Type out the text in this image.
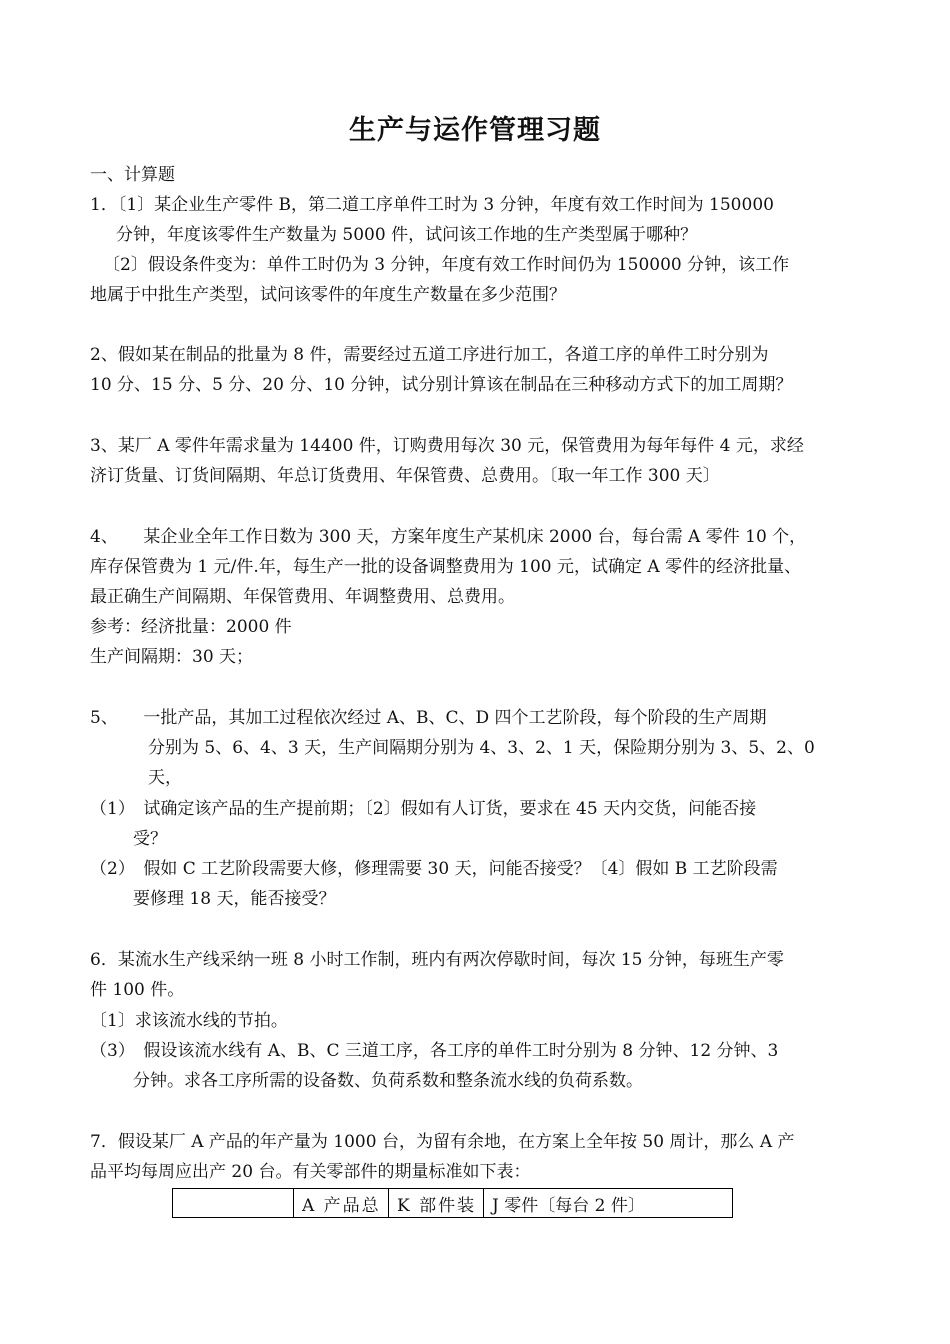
生产与运作管理习题
一、计算题
1．〔1〕某企业生产零件 B，第二道工序单件工时为 3 分钟，年度有效工作时间为 150000
分钟，年度该零件生产数量为 5000 件，试问该工作地的生产类型属于哪种？
〔2〕假设条件变为：单件工时仍为 3 分钟，年度有效工作时间仍为 150000 分钟，该工作
地属于中批生产类型，试问该零件的年度生产数量在多少范围？
2、假如某在制品的批量为 8 件，需要经过五道工序进行加工，各道工序的单件工时分别为
10 分、15 分、5 分、20 分、10 分钟，试分别计算该在制品在三种移动方式下的加工周期？
3、某厂 A 零件年需求量为 14400 件，订购费用每次 30 元，保管费用为每年每件 4 元，求经
济订货量、订货间隔期、年总订货费用、年保管费、总费用。〔取一年工作 300 天〕
4、　　某企业全年工作日数为 300 天，方案年度生产某机床 2000 台，每台需 A 零件 10 个，
库存保管费为 1 元/件.年，每生产一批的设备调整费用为 100 元，试确定 A 零件的经济批量、
最正确生产间隔期、年保管费用、年调整费用、总费用。
参考：经济批量：2000 件
生产间隔期：30 天；
5、　　一批产品，其加工过程依次经过 A、B、C、D 四个工艺阶段，每个阶段的生产周期
分别为 5、6、4、3 天，生产间隔期分别为 4、3、2、1 天，保险期分别为 3、5、2、0
天，
（1）　试确定该产品的生产提前期；〔2〕假如有人订货，要求在 45 天内交货，问能否接
受？
（2）　假如 C 工艺阶段需要大修，修理需要 30 天，问能否接受？〔4〕假如 B 工艺阶段需
要修理 18 天，能否接受？
6．某流水生产线采纳一班 8 小时工作制，班内有两次停歇时间，每次 15 分钟，每班生产零
件 100 件。
〔1〕求该流水线的节拍。
（3）　假设该流水线有 A、B、C 三道工序，各工序的单件工时分别为 8 分钟、12 分钟、3
分钟。求各工序所需的设备数、负荷系数和整条流水线的负荷系数。
7．假设某厂 A 产品的年产量为 1000 台，为留有余地，在方案上全年按 50 周计，那么 A 产
品平均每周应出产 20 台。有关零部件的期量标准如下表：
	A 产品总	K 部件装	J 零件〔每台 2 件〕
